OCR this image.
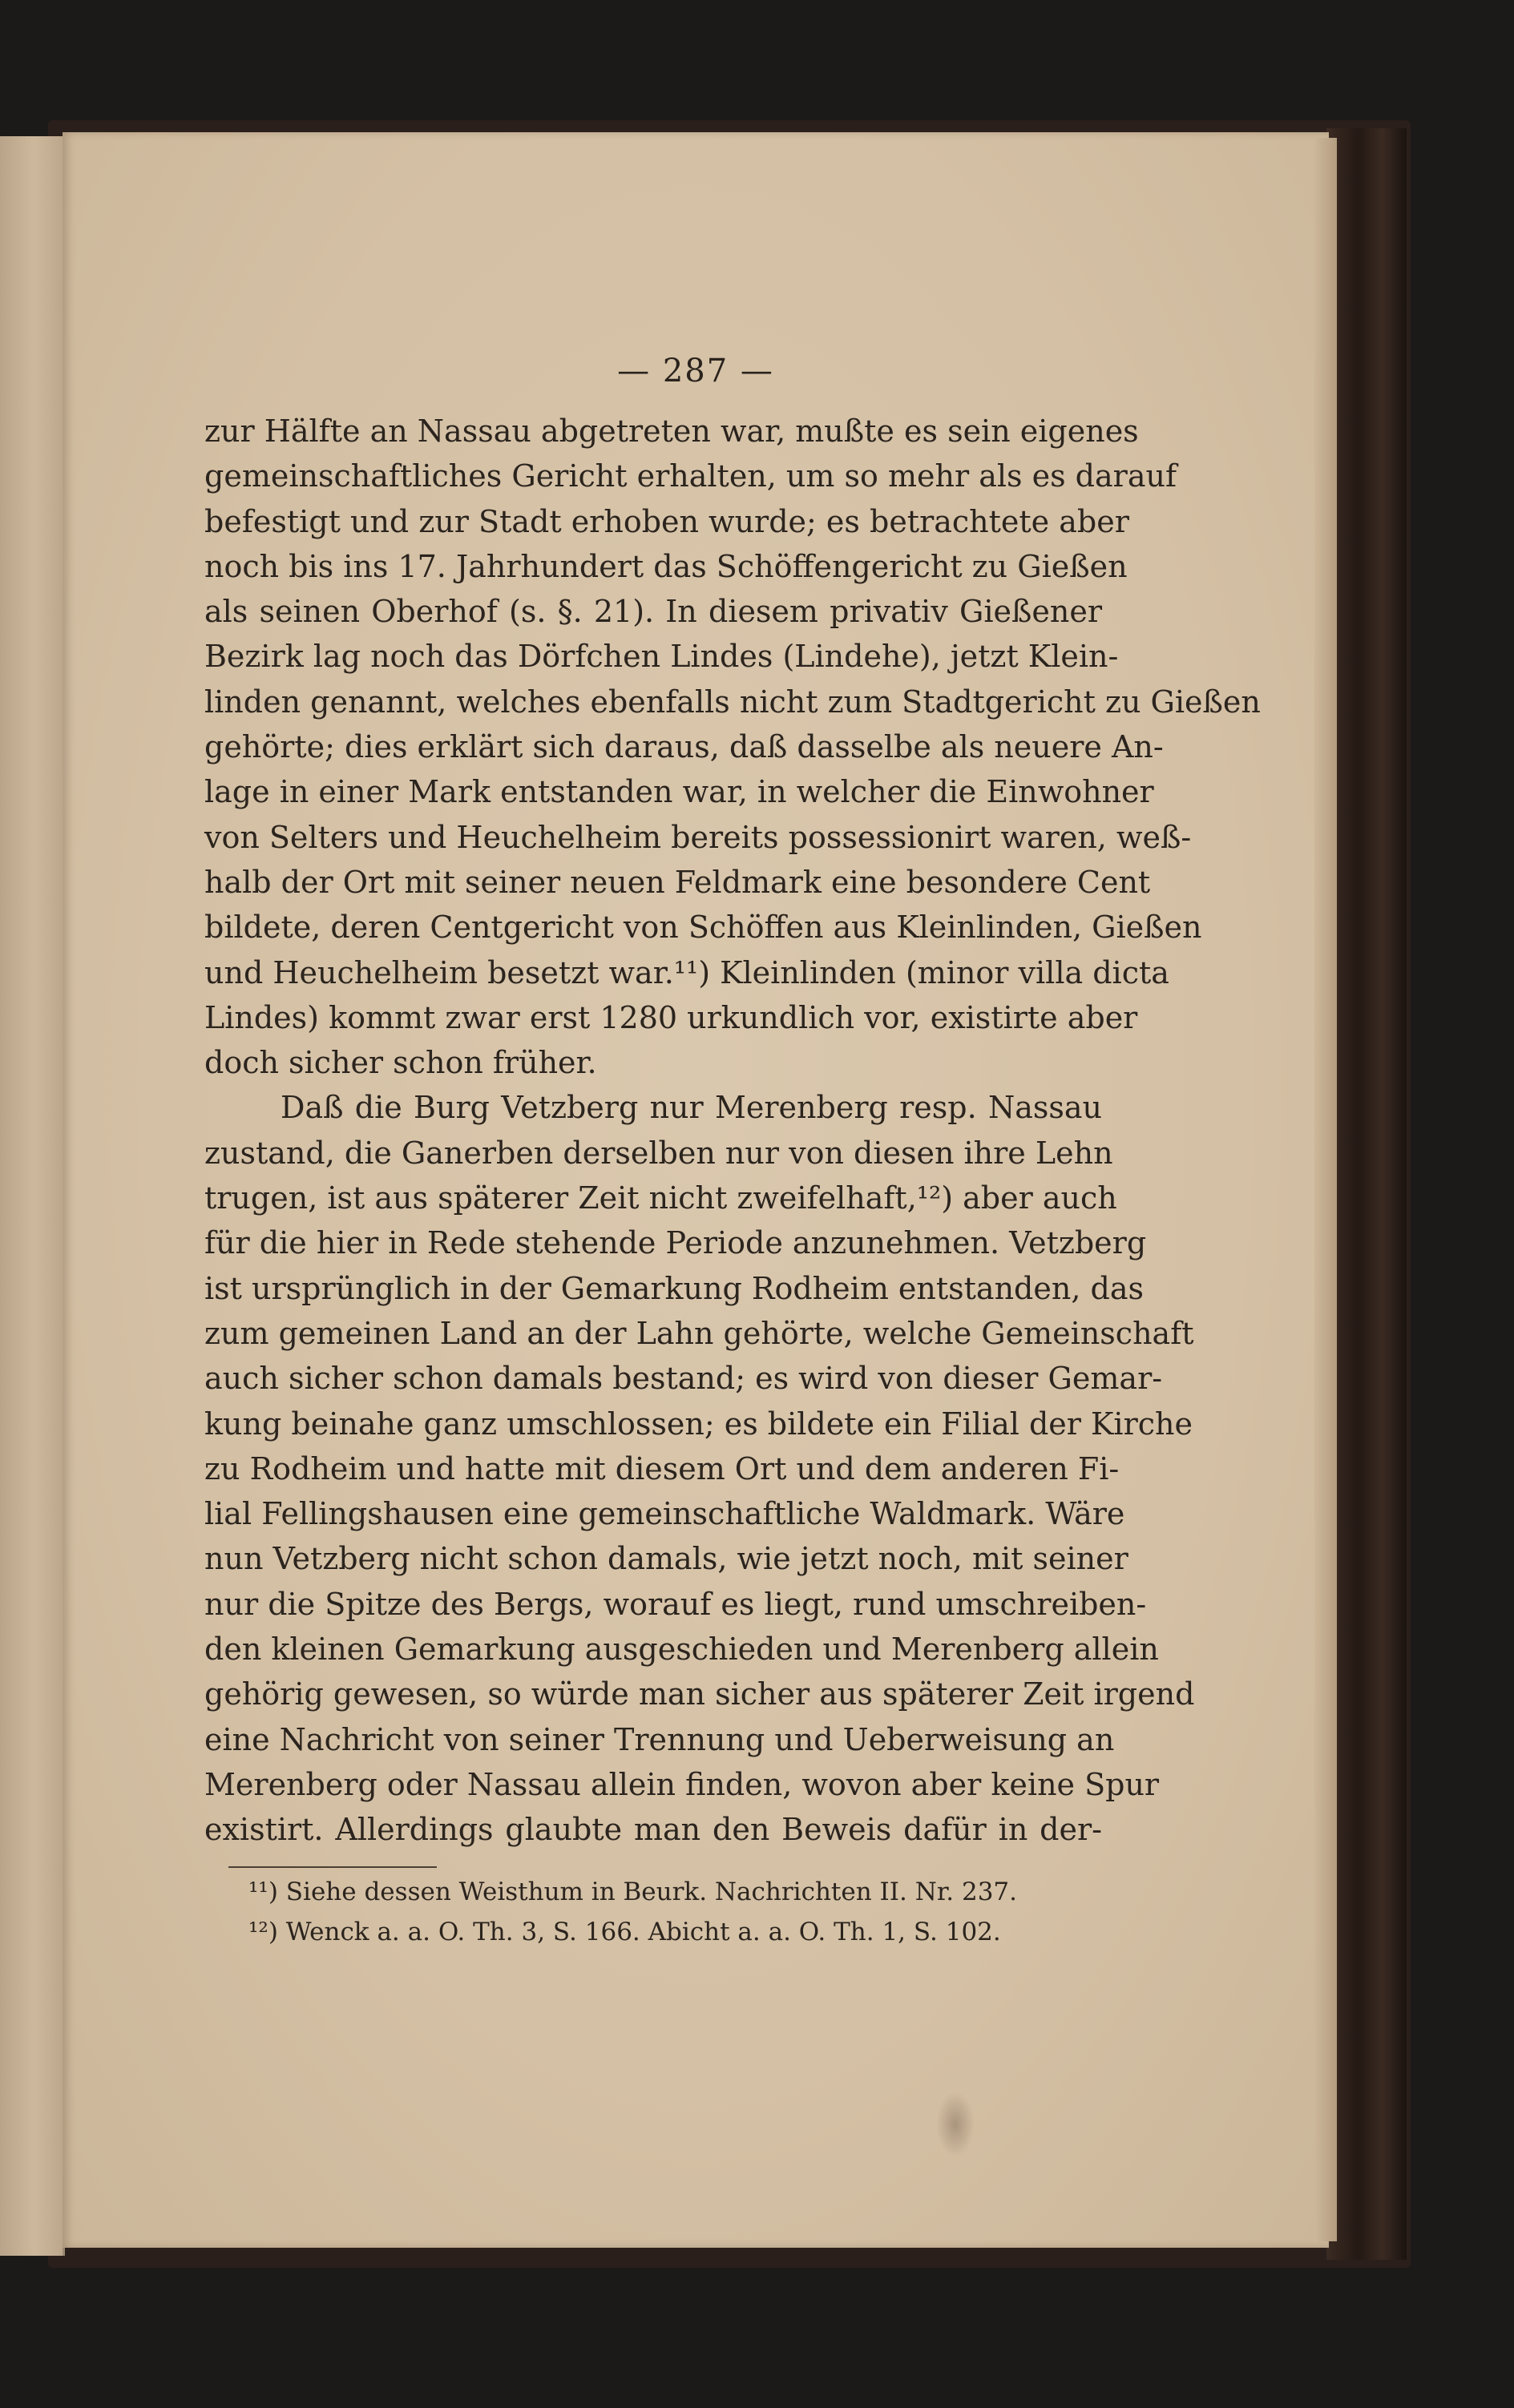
— 287 —
zur Hälfte an Nassau abgetreten war, mußte es sein eigenes
gemeinschaftliches Gericht erhalten, um so mehr als es darauf
befestigt und zur Stadt erhoben wurde; es betrachtete aber
noch bis ins 17. Jahrhundert das Schöffengericht zu Gießen
als seinen Oberhof (s. §. 21). In diesem privativ Gießener
Bezirk lag noch das Dörfchen Lindes (Lindehe), jetzt Klein-
linden genannt, welches ebenfalls nicht zum Stadtgericht zu Gießen
gehörte; dies erklärt sich daraus, daß dasselbe als neuere An-
lage in einer Mark entstanden war, in welcher die Einwohner
von Selters und Heuchelheim bereits possessionirt waren, weß-
halb der Ort mit seiner neuen Feldmark eine besondere Cent
bildete, deren Centgericht von Schöffen aus Kleinlinden, Gießen
und Heuchelheim besetzt war.¹¹) Kleinlinden (minor villa dicta
Lindes) kommt zwar erst 1280 urkundlich vor, existirte aber
doch sicher schon früher.
Daß die Burg Vetzberg nur Merenberg resp. Nassau
zustand, die Ganerben derselben nur von diesen ihre Lehn
trugen, ist aus späterer Zeit nicht zweifelhaft,¹²) aber auch
für die hier in Rede stehende Periode anzunehmen. Vetzberg
ist ursprünglich in der Gemarkung Rodheim entstanden, das
zum gemeinen Land an der Lahn gehörte, welche Gemeinschaft
auch sicher schon damals bestand; es wird von dieser Gemar-
kung beinahe ganz umschlossen; es bildete ein Filial der Kirche
zu Rodheim und hatte mit diesem Ort und dem anderen Fi-
lial Fellingshausen eine gemeinschaftliche Waldmark. Wäre
nun Vetzberg nicht schon damals, wie jetzt noch, mit seiner
nur die Spitze des Bergs, worauf es liegt, rund umschreiben-
den kleinen Gemarkung ausgeschieden und Merenberg allein
gehörig gewesen, so würde man sicher aus späterer Zeit irgend
eine Nachricht von seiner Trennung und Ueberweisung an
Merenberg oder Nassau allein finden, wovon aber keine Spur
existirt. Allerdings glaubte man den Beweis dafür in der-
¹¹) Siehe dessen Weisthum in Beurk. Nachrichten II. Nr. 237.
¹²) Wenck a. a. O. Th. 3, S. 166. Abicht a. a. O. Th. 1, S. 102.
